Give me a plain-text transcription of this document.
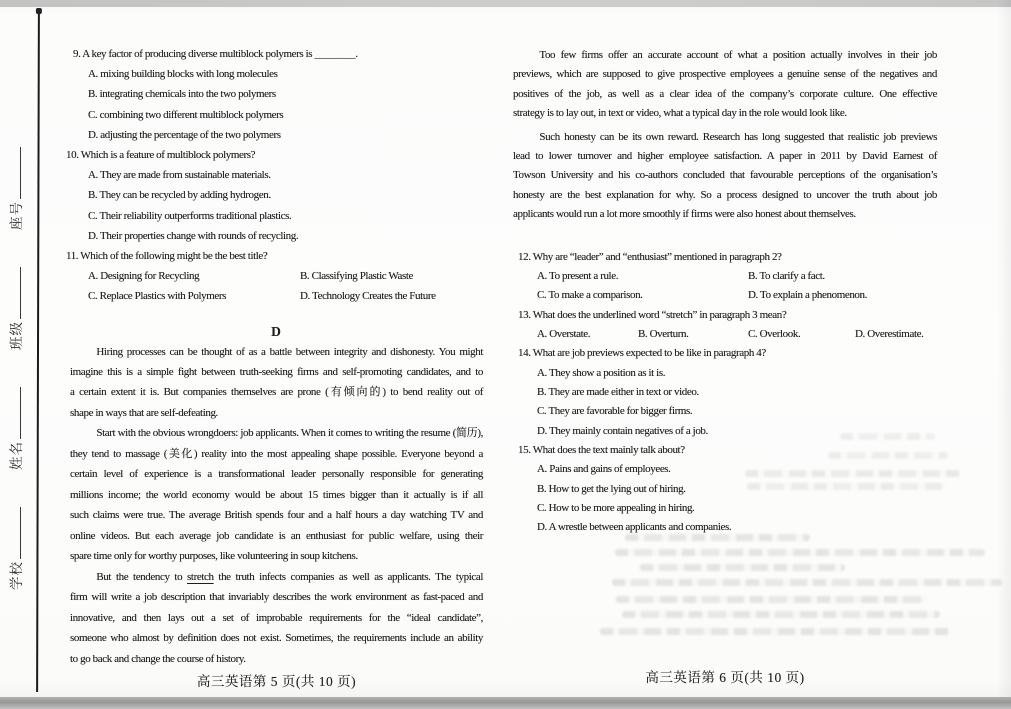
学校姓名班级座号
9. A key factor of producing diverse multiblock polymers is ________.
A. mixing building blocks with long molecules
B. integrating chemicals into the two polymers
C. combining two different multiblock polymers
D. adjusting the percentage of the two polymers
10. Which is a feature of multiblock polymers?
A. They are made from sustainable materials.
B. They can be recycled by adding hydrogen.
C. Their reliability outperforms traditional plastics.
D. Their properties change with rounds of recycling.
11. Which of the following might be the best title?
A. Designing for Recycling	B. Classifying Plastic Waste
C. Replace Plastics with Polymers	D. Technology Creates the Future
D
Hiring processes can be thought of as a battle between integrity and dishonesty. You might
imagine this is a simple fight between truth-seeking firms and self-promoting candidates, and to
a certain extent it is. But companies themselves are prone (有倾向的) to bend reality out of
shape in ways that are self-defeating.
Start with the obvious wrongdoers: job applicants. When it comes to writing the resume (简历),
they tend to massage (美化) reality into the most appealing shape possible. Everyone beyond a
certain level of experience is a transformational leader personally responsible for generating
millions income; the world economy would be about 15 times bigger than it actually is if all
such claims were true. The average British spends four and a half hours a day watching TV and
online videos. But each average job candidate is an enthusiast for public welfare, using their
spare time only for worthy purposes, like volunteering in soup kitchens.
But the tendency to stretch the truth infects companies as well as applicants. The typical
firm will write a job description that invariably describes the work environment as fast-paced and
innovative, and then lays out a set of improbable requirements for the “ideal candidate”,
someone who almost by definition does not exist. Sometimes, the requirements include an ability
to go back and change the course of history.
高三英语第 5 页(共 10 页)
Too few firms offer an accurate account of what a position actually involves in their job
previews, which are supposed to give prospective employees a genuine sense of the negatives and
positives of the job, as well as a clear idea of the company’s corporate culture. One effective
strategy is to lay out, in text or video, what a typical day in the role would look like.
Such honesty can be its own reward. Research has long suggested that realistic job previews
lead to lower turnover and higher employee satisfaction. A paper in 2011 by David Earnest of
Towson University and his co-authors concluded that favourable perceptions of the organisation’s
honesty are the best explanation for why. So a process designed to uncover the truth about job
applicants would run a lot more smoothly if firms were also honest about themselves.
12. Why are “leader” and “enthusiast” mentioned in paragraph 2?
A. To present a rule.	B. To clarify a fact.
C. To make a comparison.	D. To explain a phenomenon.
13. What does the underlined word “stretch” in paragraph 3 mean?
A. Overstate.	B. Overturn.	C. Overlook.	D. Overestimate.
14. What are job previews expected to be like in paragraph 4?
A. They show a position as it is.
B. They are made either in text or video.
C. They are favorable for bigger firms.
D. They mainly contain negatives of a job.
15. What does the text mainly talk about?
A. Pains and gains of employees.
B. How to get the lying out of hiring.
C. How to be more appealing in hiring.
D. A wrestle between applicants and companies.
高三英语第 6 页(共 10 页)
